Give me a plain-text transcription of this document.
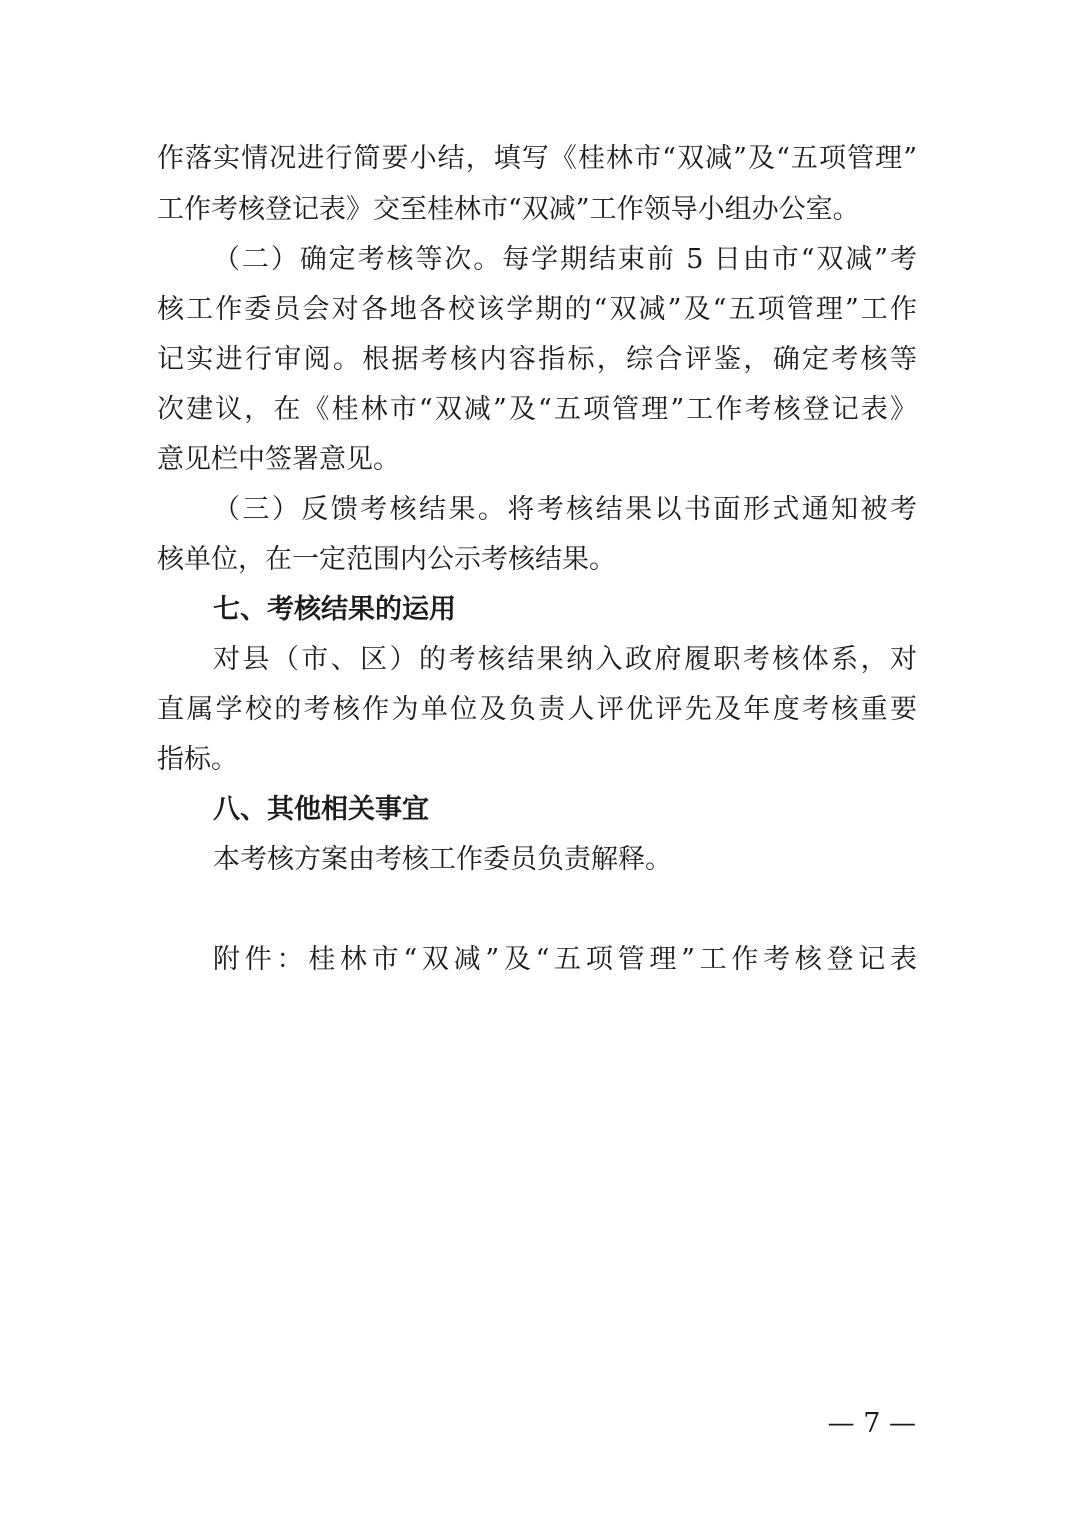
作落实情况进行简要小结，填写《桂林市“双减”及“五项管理”
工作考核登记表》交至桂林市“双减”工作领导小组办公室。
（二）确定考核等次。每学期结束前 5 日由市“双减”考
核工作委员会对各地各校该学期的“双减”及“五项管理”工作
记实进行审阅。根据考核内容指标，综合评鉴，确定考核等
次建议，在《桂林市“双减”及“五项管理”工作考核登记表》
意见栏中签署意见。
（三）反馈考核结果。将考核结果以书面形式通知被考
核单位，在一定范围内公示考核结果。
七、考核结果的运用
对县（市、区）的考核结果纳入政府履职考核体系，对
直属学校的考核作为单位及负责人评优评先及年度考核重要
指标。
八、其他相关事宜
本考核方案由考核工作委员负责解释。
附件：桂林市“双减”及“五项管理”工作考核登记表
— 7 —
